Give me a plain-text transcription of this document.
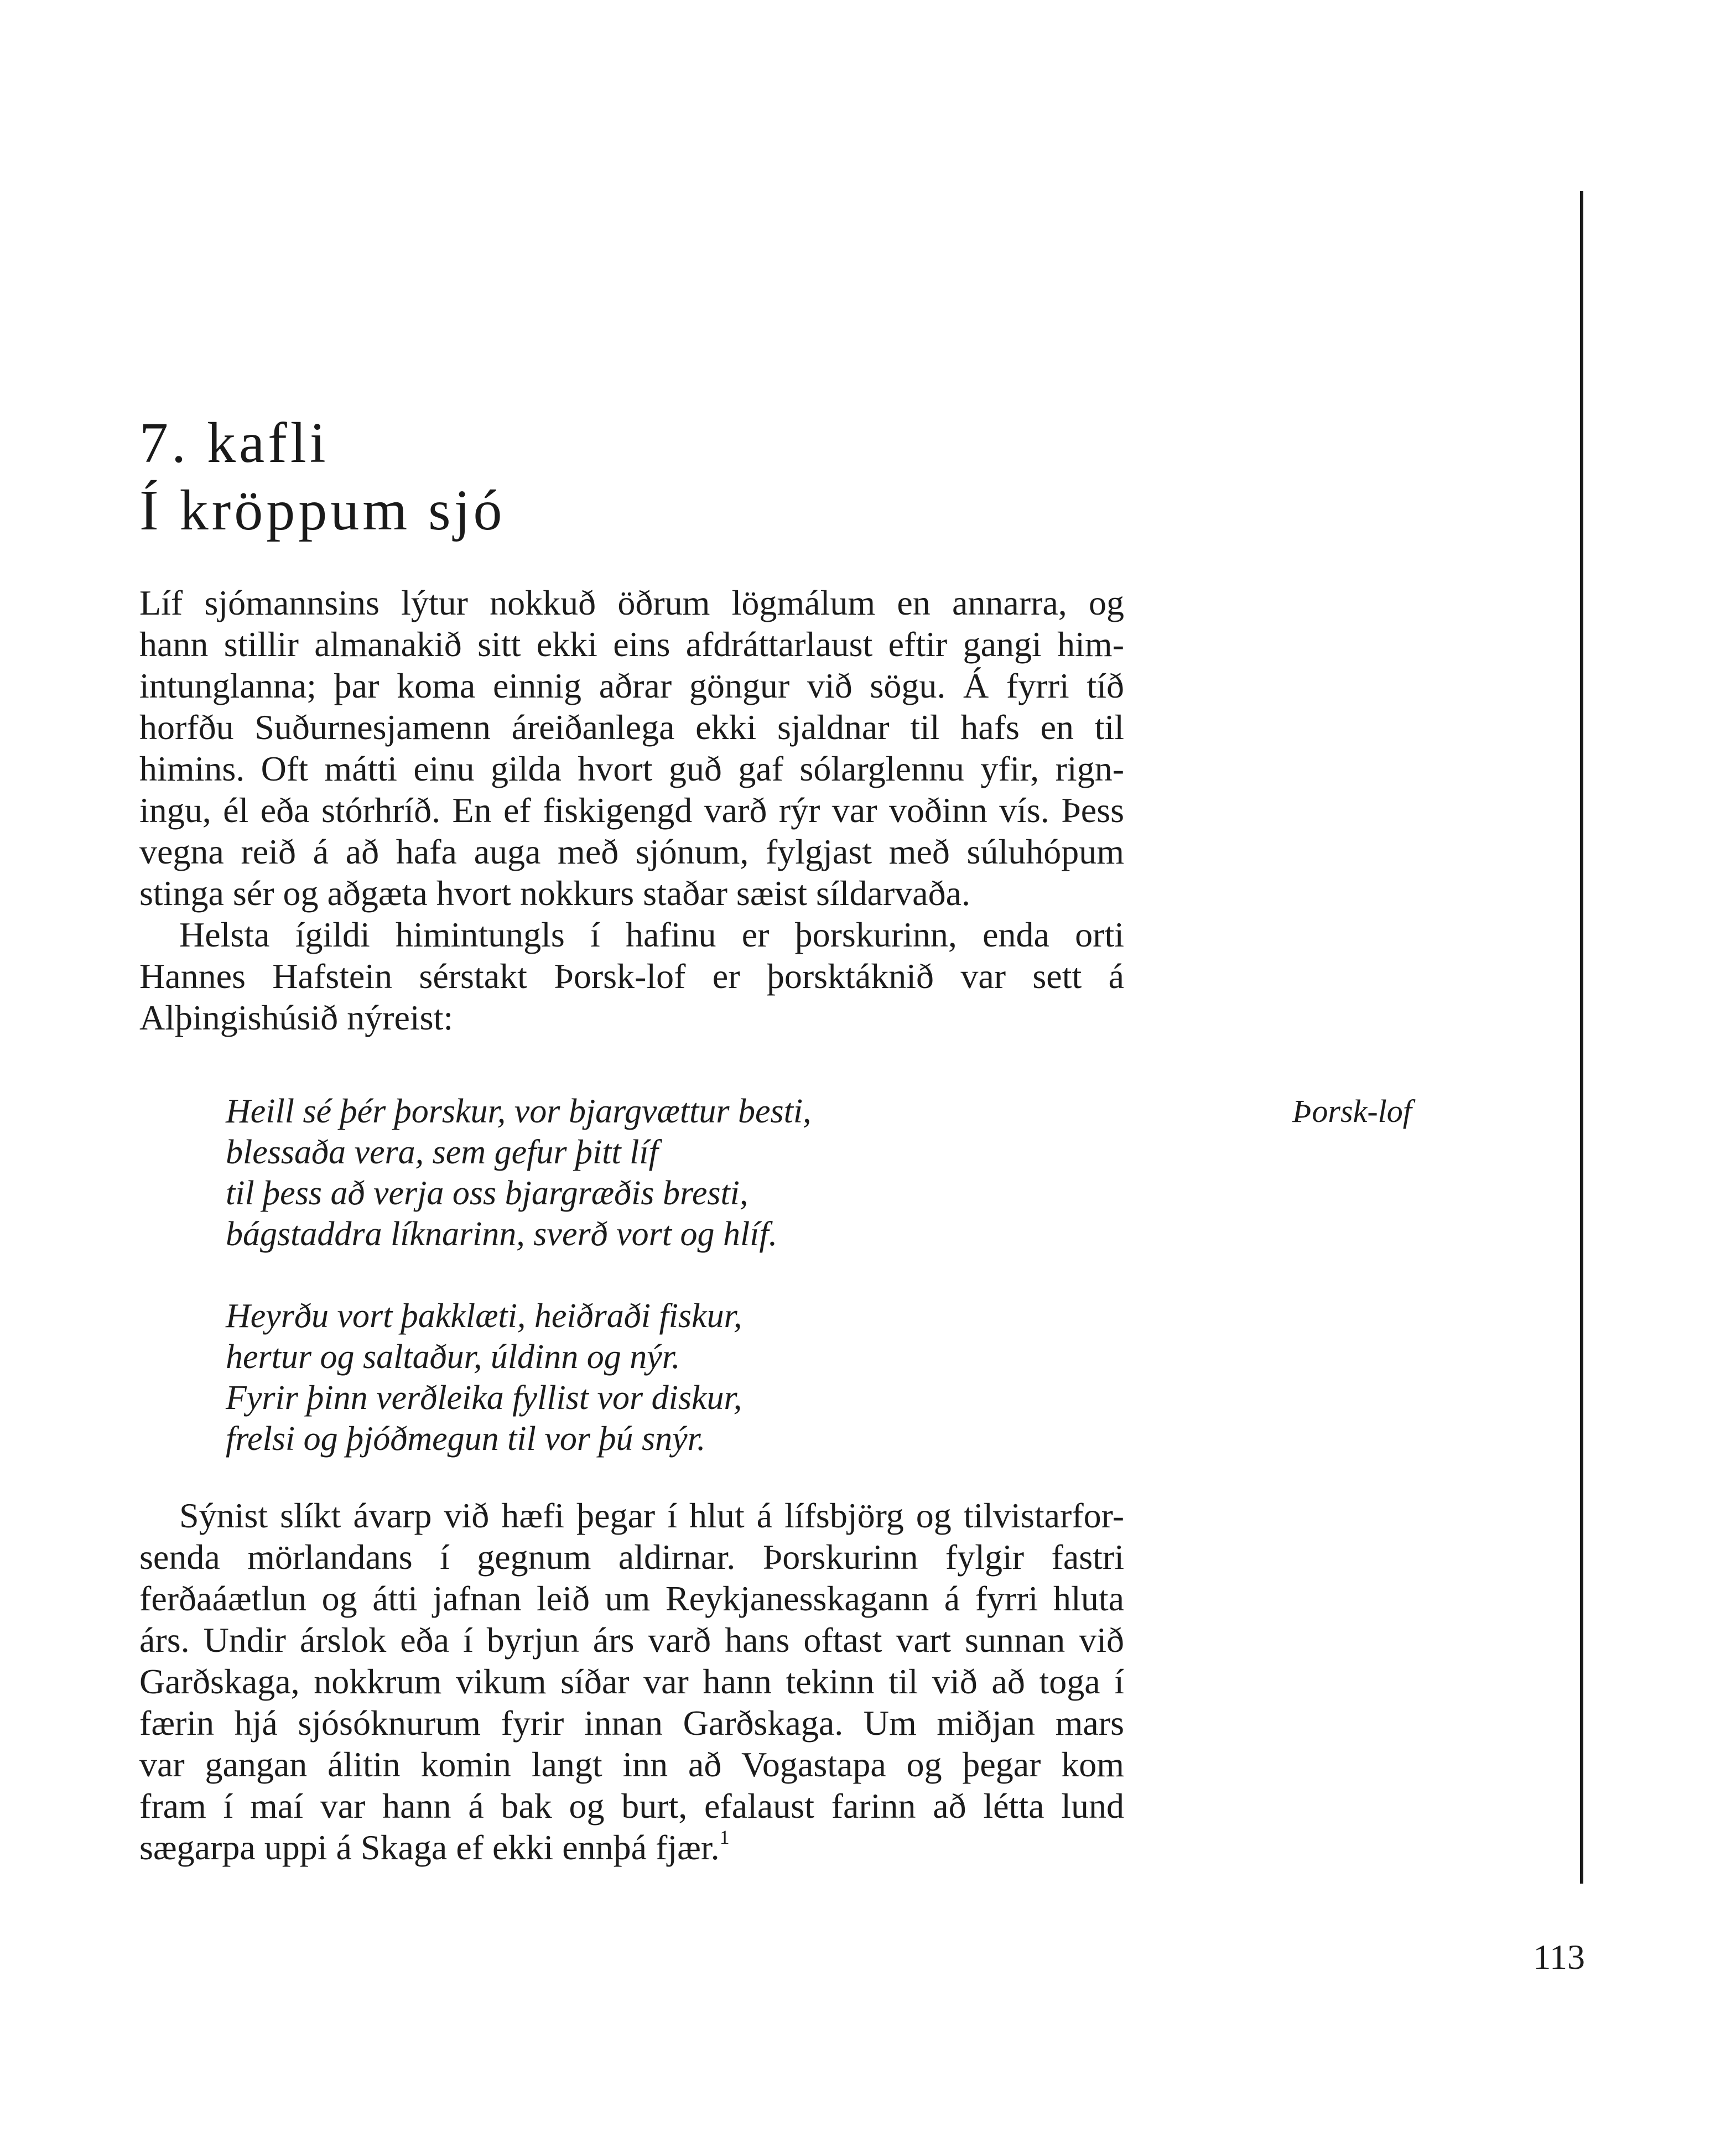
7. kafli
Í kröppum sjó
Líf sjómannsins lýtur nokkuð öðrum lögmálum en annarra, og
hann stillir almanakið sitt ekki eins afdráttarlaust eftir gangi him-
intunglanna; þar koma einnig aðrar göngur við sögu. Á fyrri tíð
horfðu Suðurnesjamenn áreiðanlega ekki sjaldnar til hafs en til
himins. Oft mátti einu gilda hvort guð gaf sólarglennu yfir, rign-
ingu, él eða stórhríð. En ef fiskigengd varð rýr var voðinn vís. Þess
vegna reið á að hafa auga með sjónum, fylgjast með súluhópum
stinga sér og aðgæta hvort nokkurs staðar sæist síldarvaða.
Helsta ígildi himintungls í hafinu er þorskurinn, enda orti
Hannes Hafstein sérstakt Þorsk-lof er þorsktáknið var sett á
Alþingishúsið nýreist:
Heill sé þér þorskur, vor bjargvættur besti,
blessaða vera, sem gefur þitt líf
til þess að verja oss bjargræðis bresti,
bágstaddra líknarinn, sverð vort og hlíf.
Heyrðu vort þakklæti, heiðraði fiskur,
hertur og saltaður, úldinn og nýr.
Fyrir þinn verðleika fyllist vor diskur,
frelsi og þjóðmegun til vor þú snýr.
Þorsk-lof
Sýnist slíkt ávarp við hæfi þegar í hlut á lífsbjörg og tilvistarfor-
senda mörlandans í gegnum aldirnar. Þorskurinn fylgir fastri
ferðaáætlun og átti jafnan leið um Reykjanesskagann á fyrri hluta
árs. Undir árslok eða í byrjun árs varð hans oftast vart sunnan við
Garðskaga, nokkrum vikum síðar var hann tekinn til við að toga í
færin hjá sjósóknurum fyrir innan Garðskaga. Um miðjan mars
var gangan álitin komin langt inn að Vogastapa og þegar kom
fram í maí var hann á bak og burt, efalaust farinn að létta lund
sægarpa uppi á Skaga ef ekki ennþá fjær.$^1$
113
